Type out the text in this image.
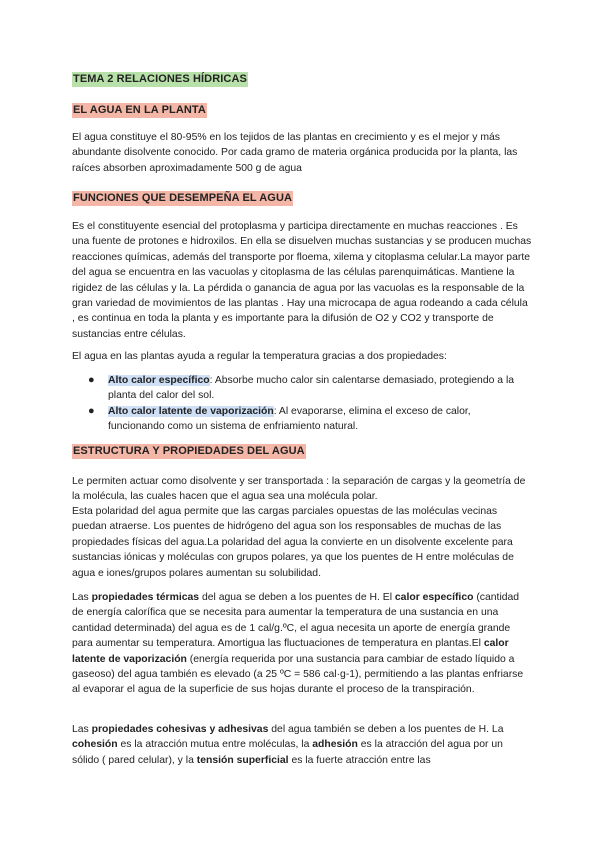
TEMA 2 RELACIONES HÍDRICAS
EL AGUA EN LA PLANTA

El agua constituye el 80-95% en los tejidos de las plantas en crecimiento y es el mejor y más abundante disolvente conocido. Por cada gramo de materia orgánica producida por la planta, las raíces absorben aproximadamente 500 g de agua

FUNCIONES QUE DESEMPEÑA EL AGUA

Es el constituyente esencial del protoplasma y participa directamente en muchas reacciones . Es una fuente de protones e hidroxilos. En ella se disuelven muchas sustancias y se producen muchas reacciones químicas, además del transporte por floema, xilema y citoplasma celular.La mayor parte del agua se encuentra en las vacuolas y citoplasma de las células parenquimáticas. Mantiene la rigidez de las células y la. La pérdida o ganancia de agua por las vacuolas es la responsable de la gran variedad de movimientos de las plantas . Hay una microcapa de agua rodeando a cada célula , es continua en toda la planta y es importante para la difusión de O2 y CO2 y transporte de sustancias entre células.

El agua en las plantas ayuda a regular la temperatura gracias a dos propiedades:

● Alto calor específico: Absorbe mucho calor sin calentarse demasiado, protegiendo a la planta del calor del sol.
● Alto calor latente de vaporización: Al evaporarse, elimina el exceso de calor, funcionando como un sistema de enfriamiento natural.
ESTRUCTURA Y PROPIEDADES DEL AGUA

Le permiten actuar como disolvente y ser transportada : la separación de cargas y la geometría de la molécula, las cuales hacen que el agua sea una molécula polar.

Esta polaridad del agua permite que las cargas parciales opuestas de las moléculas vecinas puedan atraerse. Los puentes de hidrógeno del agua son los responsables de muchas de las propiedades físicas del agua.La polaridad del agua la convierte en un disolvente excelente para sustancias iónicas y moléculas con grupos polares, ya que los puentes de H entre moléculas de agua e iones/grupos polares aumentan su solubilidad.

Las propiedades térmicas del agua se deben a los puentes de H. El calor específico (cantidad de energía calorífica que se necesita para aumentar la temperatura de una sustancia en una cantidad determinada) del agua es de 1 cal/g.ºC, el agua necesita un aporte de energía grande para aumentar su temperatura. Amortigua las fluctuaciones de temperatura en plantas.El calor latente de vaporización (energía requerida por una sustancia para cambiar de estado líquido a gaseoso) del agua también es elevado (a 25 ºC = 586 cal·g-1), permitiendo a las plantas enfriarse al evaporar el agua de la superficie de sus hojas durante el proceso de la transpiración.

Las propiedades cohesivas y adhesivas del agua también se deben a los puentes de H. La cohesión es la atracción mutua entre moléculas, la adhesión es la atracción del agua por un sólido ( pared celular), y la tensión superficial es la fuerte atracción entre las
